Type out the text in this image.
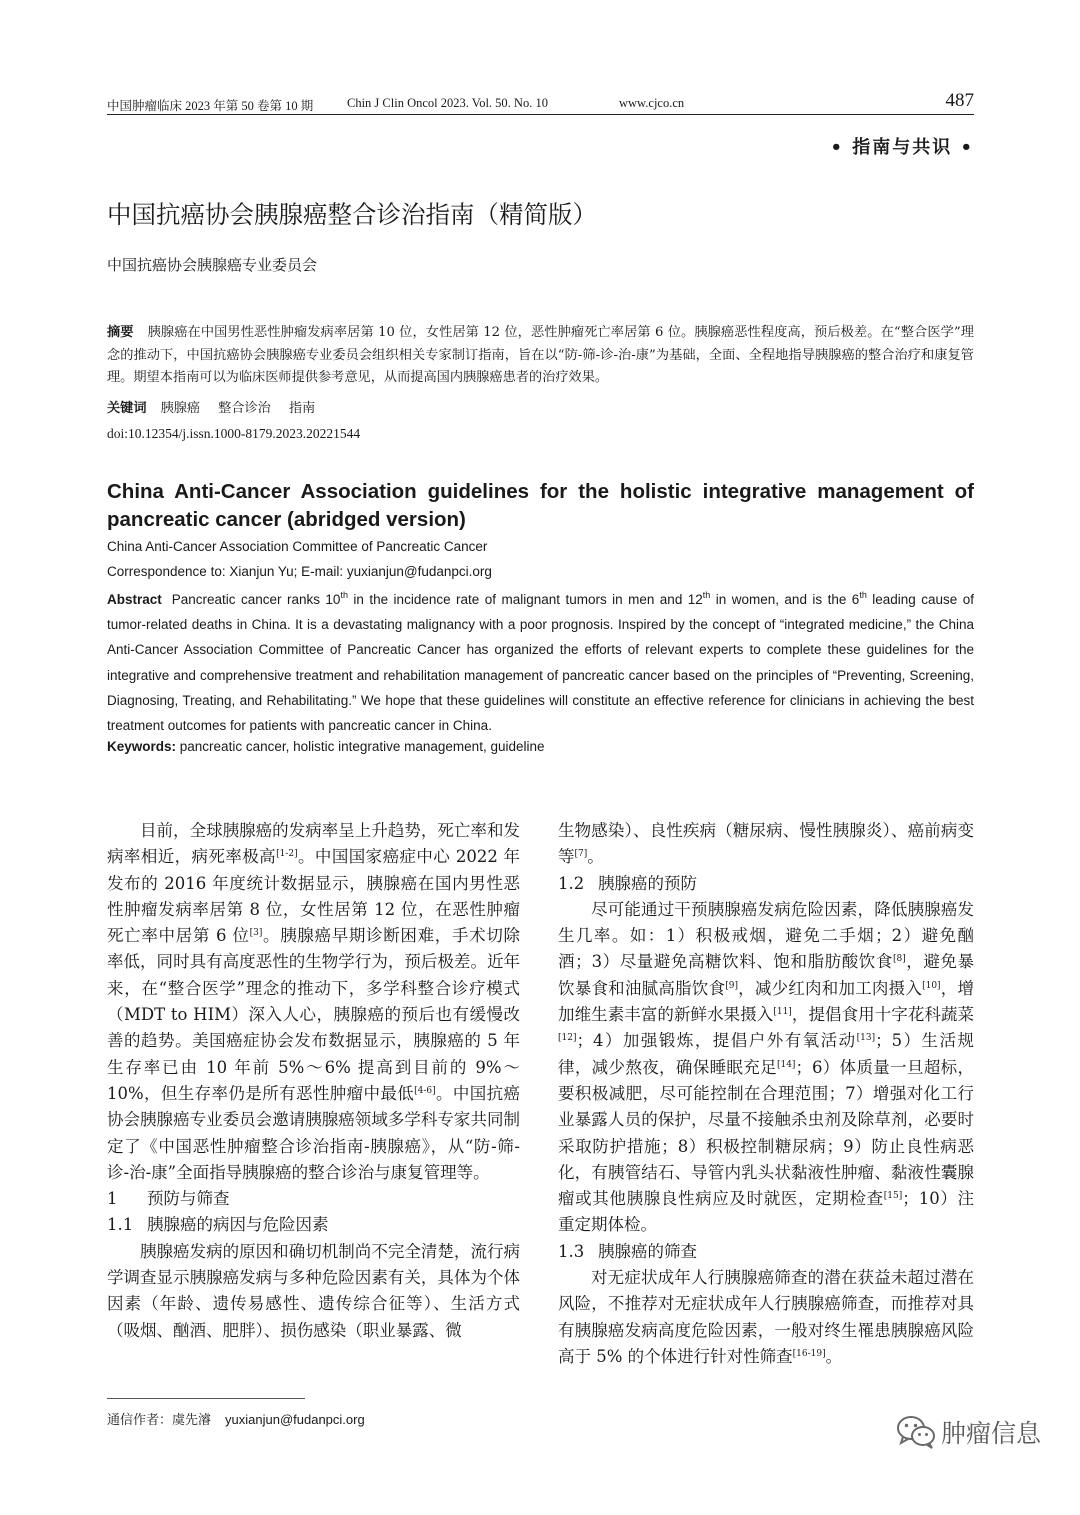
中国肿瘤临床 2023 年第 50 卷第 10 期	Chin J Clin Oncol 2023. Vol. 50. No. 10	www.cjco.cn	487
• 指南与共识 •
中国抗癌协会胰腺癌整合诊治指南（精简版）
中国抗癌协会胰腺癌专业委员会
摘要 胰腺癌在中国男性恶性肿瘤发病率居第 10 位，女性居第 12 位，恶性肿瘤死亡率居第 6 位。胰腺癌恶性程度高，预后极差。在“整合医学”理念的推动下，中国抗癌协会胰腺癌专业委员会组织相关专家制订指南，旨在以“防-筛-诊-治-康”为基础，全面、全程地指导胰腺癌的整合治疗和康复管理。期望本指南可以为临床医师提供参考意见，从而提高国内胰腺癌患者的治疗效果。
关键词 胰腺癌 整合诊治 指南
doi:10.12354/j.issn.1000-8179.2023.20221544
China Anti-Cancer Association guidelines for the holistic integrative management of pancreatic cancer (abridged version)
China Anti-Cancer Association Committee of Pancreatic Cancer
Correspondence to: Xianjun Yu; E-mail: yuxianjun@fudanpci.org
Abstract Pancreatic cancer ranks 10th in the incidence rate of malignant tumors in men and 12th in women, and is the 6th leading cause of tumor-related deaths in China. It is a devastating malignancy with a poor prognosis. Inspired by the concept of “integrated medicine,” the China Anti-Cancer Association Committee of Pancreatic Cancer has organized the efforts of relevant experts to complete these guidelines for the integrative and comprehensive treatment and rehabilitation management of pancreatic cancer based on the principles of “Preventing, Screening, Diagnosing, Treating, and Rehabilitating.” We hope that these guidelines will constitute an effective reference for clinicians in achieving the best treatment outcomes for patients with pancreatic cancer in China.
Keywords: pancreatic cancer, holistic integrative management, guideline

目前，全球胰腺癌的发病率呈上升趋势，死亡率和发病率相近，病死率极高[1-2]。中国国家癌症中心 2022 年发布的 2016 年度统计数据显示，胰腺癌在国内男性恶性肿瘤发病率居第 8 位，女性居第 12 位，在恶性肿瘤死亡率中居第 6 位[3]。胰腺癌早期诊断困难，手术切除率低，同时具有高度恶性的生物学行为，预后极差。近年来，在“整合医学”理念的推动下，多学科整合诊疗模式（MDT to HIM）深入人心，胰腺癌的预后也有缓慢改善的趋势。美国癌症协会发布数据显示，胰腺癌的 5 年生存率已由 10 年前 5%～6% 提高到目前的 9%～10%，但生存率仍是所有恶性肿瘤中最低[4-6]。中国抗癌协会胰腺癌专业委员会邀请胰腺癌领域多学科专家共同制定了《中国恶性肿瘤整合诊治指南-胰腺癌》，从“防-筛-诊-治-康”全面指导胰腺癌的整合诊治与康复管理等。

1 预防与筛查

1.1 胰腺癌的病因与危险因素

胰腺癌发病的原因和确切机制尚不完全清楚，流行病学调查显示胰腺癌发病与多种危险因素有关，具体为个体因素（年龄、遗传易感性、遗传综合征等）、生活方式（吸烟、酗酒、肥胖）、损伤感染（职业暴露、微

生物感染）、良性疾病（糖尿病、慢性胰腺炎）、癌前病变等[7]。

1.2 胰腺癌的预防

尽可能通过干预胰腺癌发病危险因素，降低胰腺癌发生几率。如：1）积极戒烟，避免二手烟；2）避免酗酒；3）尽量避免高糖饮料、饱和脂肪酸饮食[8]，避免暴饮暴食和油腻高脂饮食[9]，减少红肉和加工肉摄入[10]，增加维生素丰富的新鲜水果摄入[11]，提倡食用十字花科蔬菜[12]；4）加强锻炼，提倡户外有氧活动[13]；5）生活规律，减少熬夜，确保睡眠充足[14]；6）体质量一旦超标，要积极减肥，尽可能控制在合理范围；7）增强对化工行业暴露人员的保护，尽量不接触杀虫剂及除草剂，必要时采取防护措施；8）积极控制糖尿病；9）防止良性病恶化，有胰管结石、导管内乳头状黏液性肿瘤、黏液性囊腺瘤或其他胰腺良性病应及时就医，定期检查[15]；10）注重定期体检。

1.3 胰腺癌的筛查

对无症状成年人行胰腺癌筛查的潜在获益未超过潜在风险，不推荐对无症状成年人行胰腺癌筛查，而推荐对具有胰腺癌发病高度危险因素，一般对终生罹患胰腺癌风险高于 5% 的个体进行针对性筛查[16-19]。

通信作者：虞先濬 yuxianjun@fudanpci.org	肿瘤信息
